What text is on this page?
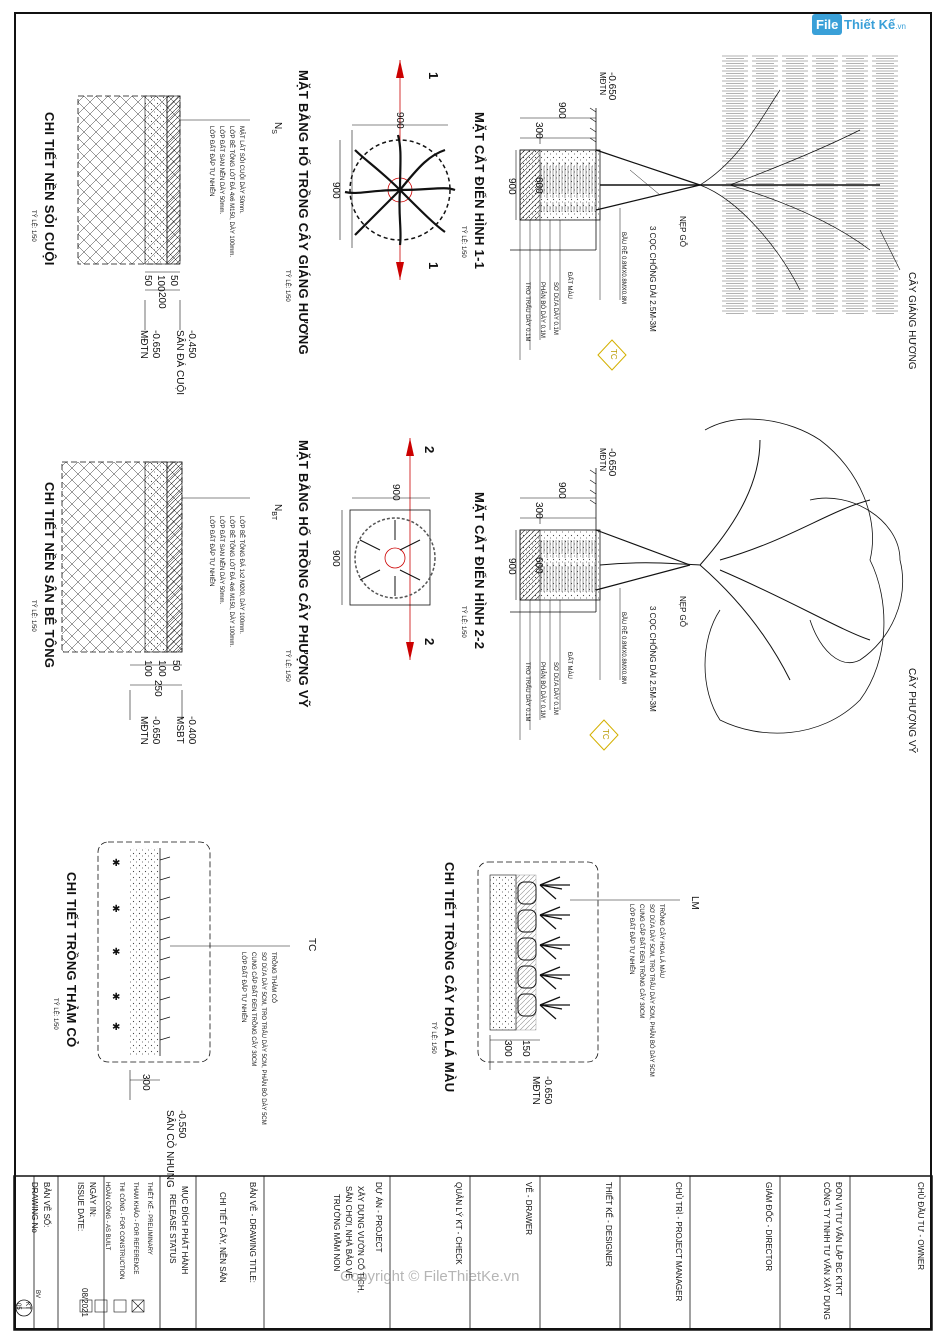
File Thiết Kế.vn
✱
✱
✱
✱
✱
MẶT CẮT ĐIỂN HÌNH 1-1
TỶ LỆ: 1/50
-0.650
MĐTN
900
300
600
900
NẸP GỖ
3 CỌC CHỐNG DÀI 2.5M-3M
BẦU RỄ 0.8MX0.8MX0.8M
ĐẤT MÀU
SƠ DỪA DÀY 0.1M
PHÂN BÓ DÀY 0.1M
TRO TRẤU DÀY 0.1M
TC	CÂY GIÁNG HƯƠNG
MẶT BẰNG HỐ TRỒNG CÂY GIÁNG HƯƠNG
TỶ LỆ: 1/50
900
900
1
1
CHI TIẾT NỀN SỎI CUỘI
TỶ LỆ: 1/50
$N_S$
MẶT LÁT SỎI CUỘI DÀY 50mm.
LỚP BÊ TÔNG LÓT ĐÁ 4x6 M150, DÀY 100mm.
LỚP ĐẤT SAN NỀN DÀY 50mm.
LỚP ĐẤT ĐẮP TỰ NHIÊN
50
100
50
200
-0.450
SÂN ĐÁ CUỘI
-0.650
MĐTN
MẶT CẮT ĐIỂN HÌNH 2-2
TỶ LỆ: 1/50
-0.650
MĐTN
900
300
600
900
NẸP GỖ
3 CỌC CHỐNG DÀI 2.5M-3M
BẦU RỄ 0.8MX0.8MX0.8M
ĐẤT MÀU
SƠ DỪA DÀY 0.1M
PHÂN BÓ DÀY 0.1M
TRO TRẤU DÀY 0.1M
TC	CÂY PHƯỢNG VỸ
MẶT BẰNG HỐ TRỒNG CÂY PHƯỢNG VỸ
TỶ LỆ: 1/50
900
900
2
2
CHI TIẾT NỀN SÂN BÊ TÔNG
TỶ LỆ: 1/50
$N_{BT}$
LỚP BÊ TÔNG ĐÁ 1x2 M200, DÀY 100mm.
LỚP BÊ TÔNG LÓT ĐÁ 4x6 M150, DÀY 100mm.
LỚP ĐẤT SAN NỀN DÀY 50mm.
LỚP ĐẤT ĐẮP TỰ NHIÊN
50
100
100
250
-0.400
MSBT
-0.650
MĐTN
CHI TIẾT TRỒNG CÂY HOA LÁ MÀU
TỶ LỆ: 1/50
LM
TRỒNG CÂY HOA LÁ MÀU
SƠ DỪA DÀY 5CM, TRO TRẤU DÀY 5CM, PHÂN BÓ DÀY 5CM
CUNG CẤP ĐẤT ĐEN TRỒNG CÂY 30CM
LỚP ĐẤT ĐẮP TỰ NHIÊN
300 150
-0.650
MĐTN
CHI TIẾT TRỒNG THẢM CỎ
TỶ LỆ: 1/50
TC
TRỒNG THẢM CỎ
SƠ DỪA DÀY 5CM, TRO TRẤU DÀY 5CM, PHÂN BÓ DÀY 5CM
CUNG CẤP ĐẤT ĐEN TRỒNG CÂY 30CM
LỚP ĐẤT ĐẮP TỰ NHIÊN
300
-0.550
SÂN CỎ NHUNG
CHỦ ĐẦU TƯ - OWNER
ĐƠN VỊ TƯ VẤN LẬP BC KTKT
CÔNG TY TNHH TƯ VẤN XÂY DỰNG
GIÁM ĐỐC - DIRECTOR
CHỦ TRÌ - PROJECT MANAGER
THIẾT KẾ - DESIGNER
VẼ - DRAWER
QUẢN LÝ KT - CHECK
DỰ ÁN - PROJECT
XÂY DỰNG VƯỜN CỔ TÍCH,
SÂN CHƠI, NHÀ BẢO VỆ
TRƯỜNG MẦM NON
BẢN VẼ - DRAWING TITLE:
CHI TIẾT CÂY, NỀN SÂN
MỤC ĐÍCH PHÁT HÀNH
RELEASE STATUS
THIẾT KẾ - PRELIMINARY
THAM KHẢO - FOR REFERENCE
THI CÔNG - FOR CONSTRUCTION
HOÀN CÔNG - AS BUILT
NGÀY IN:
ISSUE DATE:
08/2021
BẢN VẼ SỐ:
DRAWING No
BV
KT
05
Copyright © FileThietKe.vn
